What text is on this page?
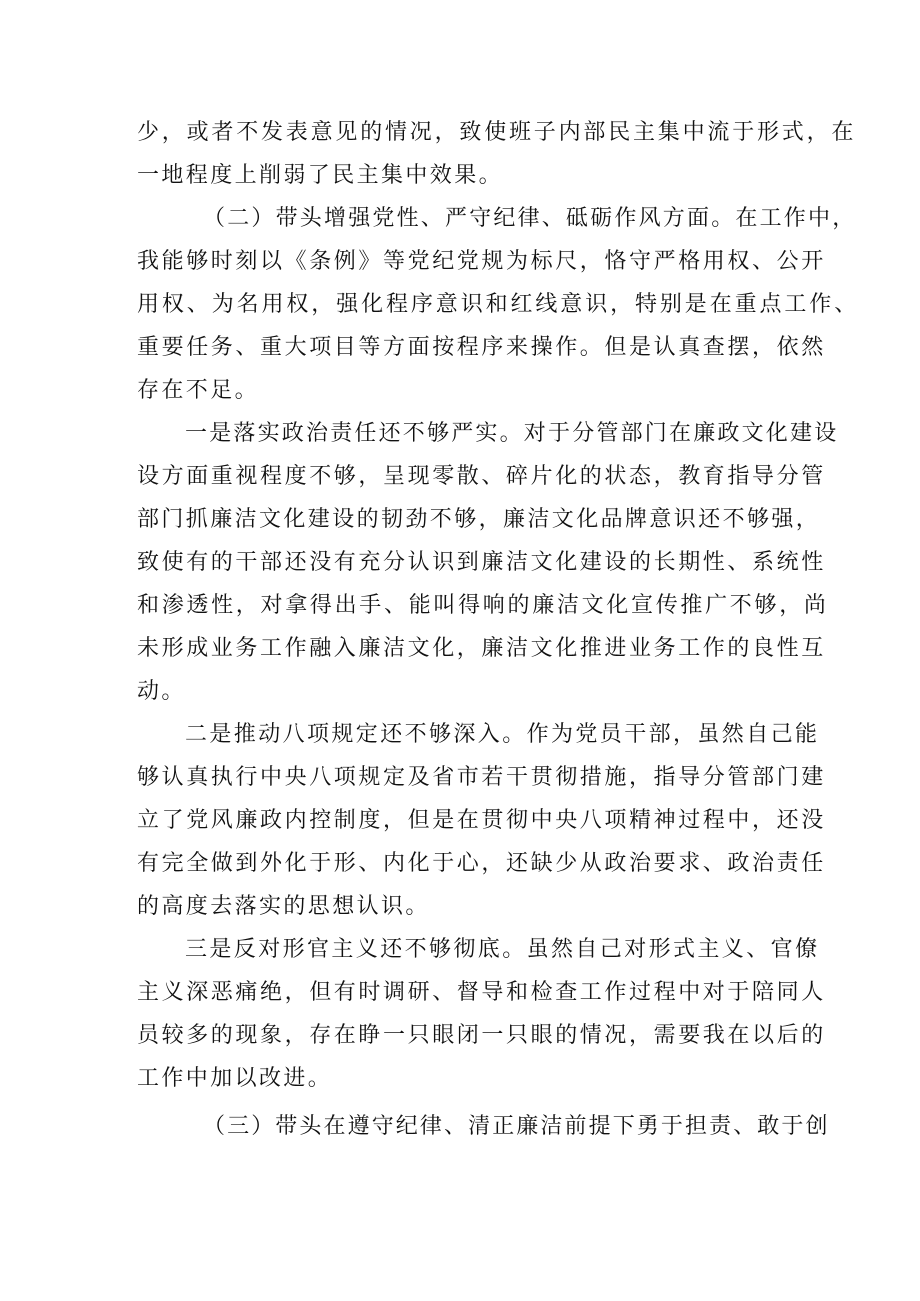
少，或者不发表意见的情况，致使班子内部民主集中流于形式，在
一地程度上削弱了民主集中效果。
（二）带头增强党性、严守纪律、砥砺作风方面。在工作中，
我能够时刻以《条例》等党纪党规为标尺，恪守严格用权、公开
用权、为名用权，强化程序意识和红线意识，特别是在重点工作、
重要任务、重大项目等方面按程序来操作。但是认真查摆，依然
存在不足。
一是落实政治责任还不够严实。对于分管部门在廉政文化建设
设方面重视程度不够，呈现零散、碎片化的状态，教育指导分管
部门抓廉洁文化建设的韧劲不够，廉洁文化品牌意识还不够强，
致使有的干部还没有充分认识到廉洁文化建设的长期性、系统性
和渗透性，对拿得出手、能叫得响的廉洁文化宣传推广不够，尚
未形成业务工作融入廉洁文化，廉洁文化推进业务工作的良性互
动。
二是推动八项规定还不够深入。作为党员干部，虽然自己能
够认真执行中央八项规定及省市若干贯彻措施，指导分管部门建
立了党风廉政内控制度，但是在贯彻中央八项精神过程中，还没
有完全做到外化于形、内化于心，还缺少从政治要求、政治责任
的高度去落实的思想认识。
三是反对形官主义还不够彻底。虽然自己对形式主义、官僚
主义深恶痛绝，但有时调研、督导和检查工作过程中对于陪同人
员较多的现象，存在睁一只眼闭一只眼的情况，需要我在以后的
工作中加以改进。
（三）带头在遵守纪律、清正廉洁前提下勇于担责、敢于创
